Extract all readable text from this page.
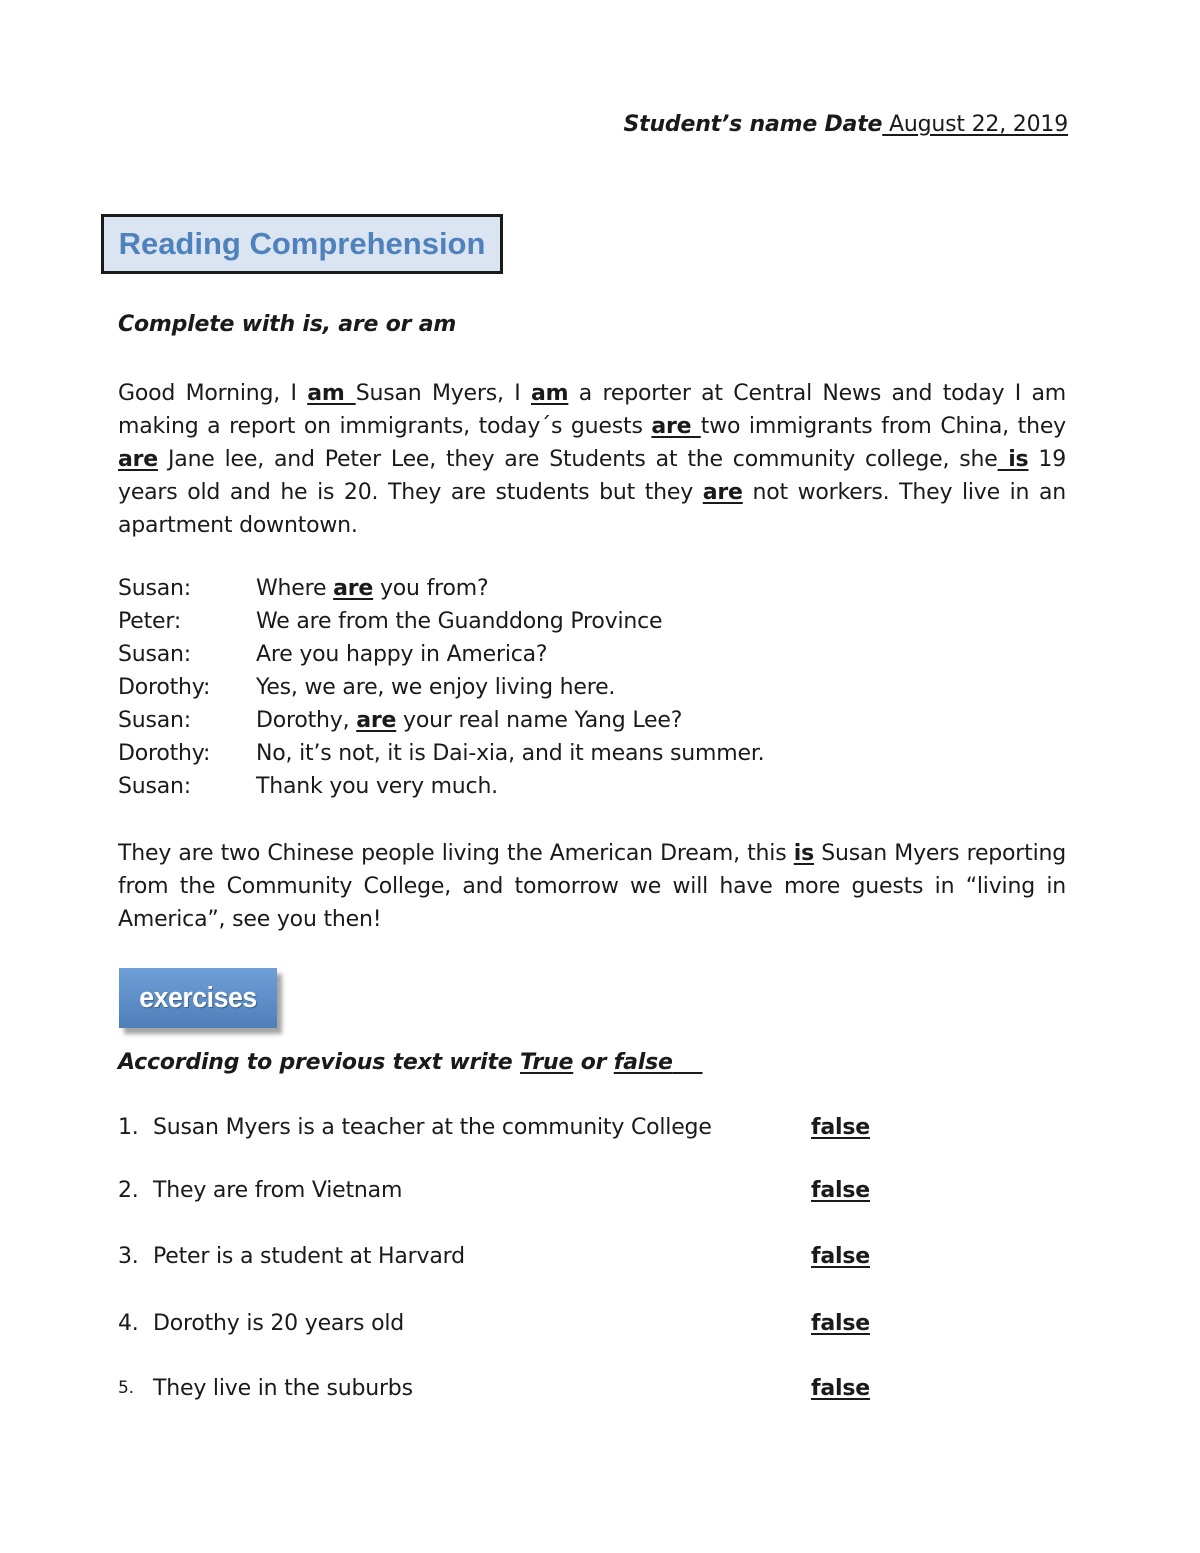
Student’s name Date August 22, 2019
Reading Comprehension
Complete with is, are or am
Good Morning, I am Susan Myers, I am a reporter at Central News and today I am making a report on immigrants, today´s guests are two immigrants from China, they are Jane lee, and Peter Lee, they are Students at the community college, she is 19 years old and he is 20. They are students but they are not workers. They live in an apartment downtown.
Susan:	Where are you from?
Peter:	We are from the Guanddong Province
Susan:	Are you happy in America?
Dorothy: Yes, we are, we enjoy living here.
Susan:	Dorothy, are your real name Yang Lee?
Dorothy: No, it’s not, it is Dai-xia, and it means summer.
Susan:	Thank you very much.
They are two Chinese people living the American Dream, this is Susan Myers reporting from the Community College, and tomorrow we will have more guests in “living in America”, see you then!
exercises
According to previous text write True or false
1. Susan Myers is a teacher at the community College	false
2. They are from Vietnam	false
3. Peter is a student at Harvard	false
4. Dorothy is 20 years old	false
5. They live in the suburbs	false
